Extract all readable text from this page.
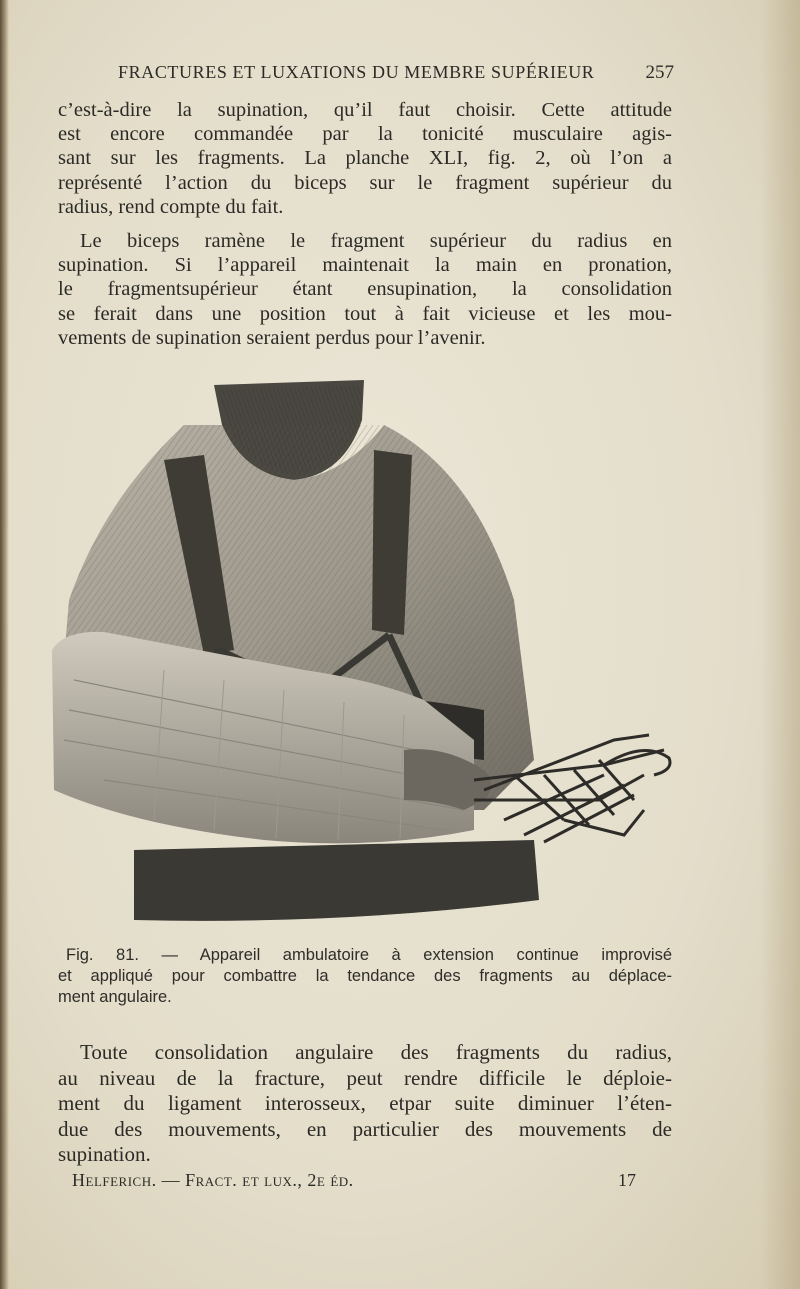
FRACTURES ET LUXATIONS DU MEMBRE SUPÉRIEUR	257

c’est-à-dire la supination, qu’il faut choisir. Cette attitude
est encore commandée par la tonicité musculaire agis-
sant sur les fragments. La planche XLI, fig. 2, où l’on a
représenté l’action du biceps sur le fragment supérieur du
radius, rend compte du fait.

Le biceps ramène le fragment supérieur du radius en
supination. Si l’appareil maintenait la main en pronation,
le fragmentsupérieur étant ensupination, la consolidation
se ferait dans une position tout à fait vicieuse et les mou-
vements de supination seraient perdus pour l’avenir.

Fig. 81. — Appareil ambulatoire à extension continue improvisé
et appliqué pour combattre la tendance des fragments au déplace-
ment angulaire.

Toute consolidation angulaire des fragments du radius,
au niveau de la fracture, peut rendre difficile le déploie-
ment du ligament interosseux, etpar suite diminuer l’éten-
due des mouvements, en particulier des mouvements de
supination.

Helferich. — Fract. et lux., 2e éd.	17
